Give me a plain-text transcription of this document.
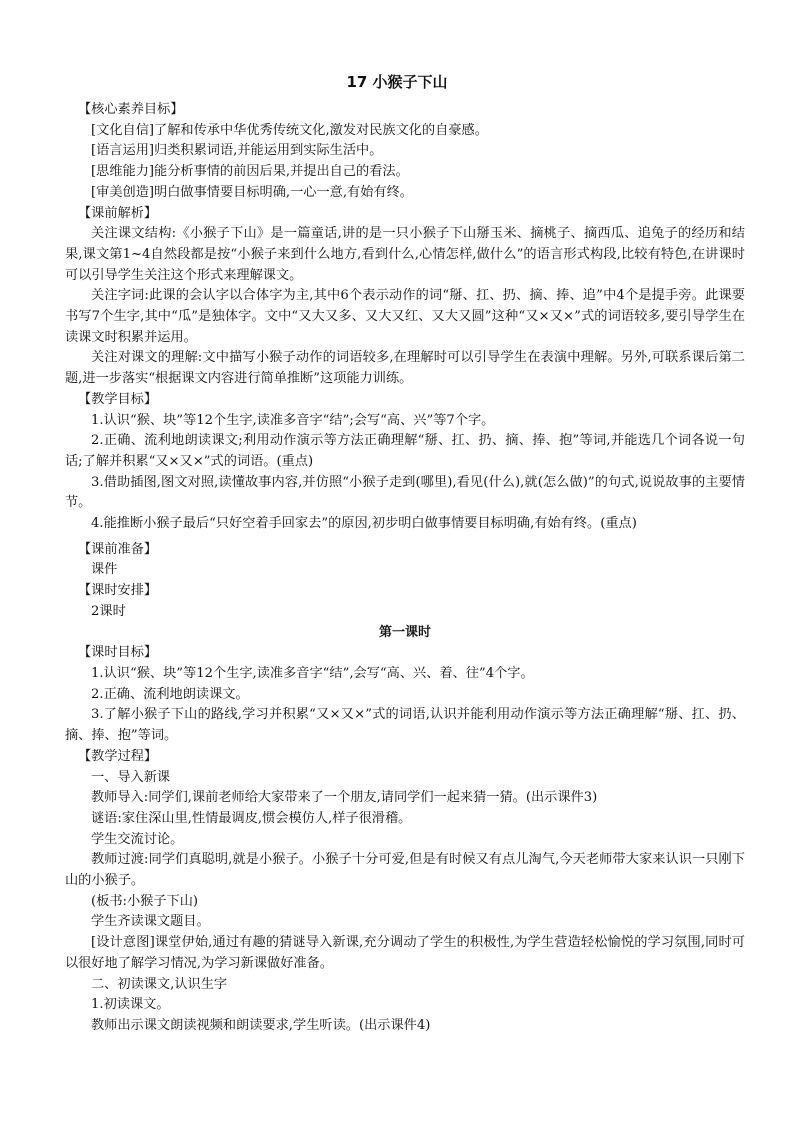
17 小猴子下山
【核心素养目标】
[文化自信]了解和传承中华优秀传统文化,激发对民族文化的自豪感。
[语言运用]归类积累词语,并能运用到实际生活中。
[思维能力]能分析事情的前因后果,并提出自己的看法。
[审美创造]明白做事情要目标明确,一心一意,有始有终。
【课前解析】
关注课文结构:《小猴子下山》是一篇童话,讲的是一只小猴子下山掰玉米、摘桃子、摘西瓜、追兔子的经历和结果,课文第1~4自然段都是按“小猴子来到什么地方,看到什么,心情怎样,做什么”的语言形式构段,比较有特色,在讲课时可以引导学生关注这个形式来理解课文。
关注字词:此课的会认字以合体字为主,其中6个表示动作的词“掰、扛、扔、摘、捧、追”中4个是提手旁。此课要书写7个生字,其中“瓜”是独体字。文中“又大又多、又大又红、又大又圆”这种“又×又×”式的词语较多,要引导学生在读课文时积累并运用。
关注对课文的理解:文中描写小猴子动作的词语较多,在理解时可以引导学生在表演中理解。另外,可联系课后第二题,进一步落实“根据课文内容进行简单推断”这项能力训练。
【教学目标】
1.认识“猴、块”等12个生字,读准多音字“结”;会写“高、兴”等7个字。
2.正确、流利地朗读课文;利用动作演示等方法正确理解“掰、扛、扔、摘、捧、抱”等词,并能选几个词各说一句话;了解并积累“又×又×”式的词语。(重点)
3.借助插图,图文对照,读懂故事内容,并仿照“小猴子走到(哪里),看见(什么),就(怎么做)”的句式,说说故事的主要情节。
4.能推断小猴子最后“只好空着手回家去”的原因,初步明白做事情要目标明确,有始有终。(重点)
【课前准备】
课件
【课时安排】
2课时
第一课时
【课时目标】
1.认识“猴、块”等12个生字,读准多音字“结”,会写“高、兴、着、往”4个字。
2.正确、流利地朗读课文。
3.了解小猴子下山的路线,学习并积累“又×又×”式的词语,认识并能利用动作演示等方法正确理解“掰、扛、扔、摘、捧、抱”等词。
【教学过程】
一、导入新课
教师导入:同学们,课前老师给大家带来了一个朋友,请同学们一起来猜一猜。(出示课件3)
谜语:家住深山里,性情最调皮,惯会模仿人,样子很滑稽。
学生交流讨论。
教师过渡:同学们真聪明,就是小猴子。小猴子十分可爱,但是有时候又有点儿淘气,今天老师带大家来认识一只刚下山的小猴子。
(板书:小猴子下山)
学生齐读课文题目。
[设计意图]课堂伊始,通过有趣的猜谜导入新课,充分调动了学生的积极性,为学生营造轻松愉悦的学习氛围,同时可以很好地了解学习情况,为学习新课做好准备。
二、初读课文,认识生字
1.初读课文。
教师出示课文朗读视频和朗读要求,学生听读。(出示课件4)
